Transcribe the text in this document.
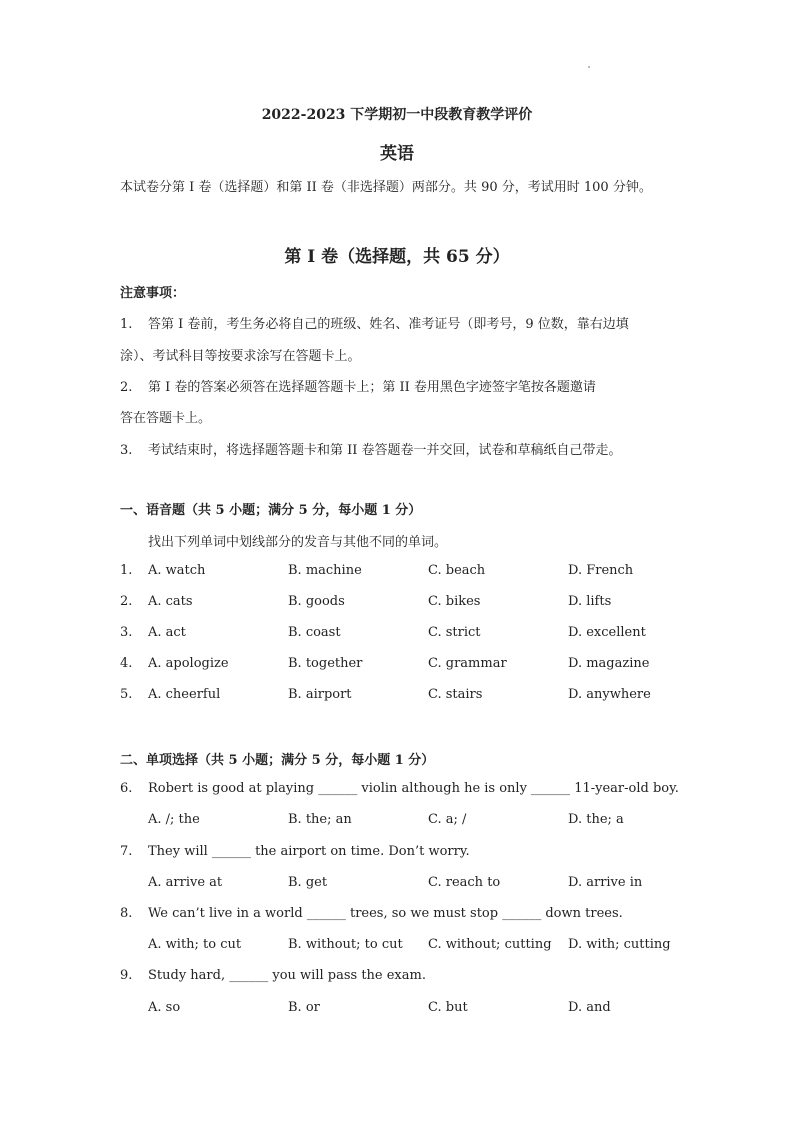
2022-2023 下学期初一中段教育教学评价
英语
本试卷分第 I 卷（选择题）和第 II 卷（非选择题）两部分。共 90 分，考试用时 100 分钟。
第 I 卷（选择题，共 65 分）
注意事项：
1. 答第 I 卷前，考生务必将自己的班级、姓名、准考证号（即考号，9 位数，靠右边填
涂）、考试科目等按要求涂写在答题卡上。
2. 第 I 卷的答案必须答在选择题答题卡上；第 II 卷用黑色字迹签字笔按各题邀请
答在答题卡上。
3. 考试结束时，将选择题答题卡和第 II 卷答题卷一并交回，试卷和草稿纸自己带走。
一、语音题（共 5 小题；满分 5 分，每小题 1 分）
找出下列单词中划线部分的发音与其他不同的单词。
1. A. watch	B. machine	C. beach	D. French
2. A. cats	B. goods	C. bikes	D. lifts
3. A. act	B. coast	C. strict	D. excellent
4. A. apologize	B. together	C. grammar	D. magazine
5. A. cheerful	B. airport	C. stairs	D. anywhere
二、单项选择（共 5 小题；满分 5 分，每小题 1 分）
6. Robert is good at playing ______ violin although he is only ______ 11-year-old boy.
A. /; the	B. the; an	C. a; /	D. the; a
7. They will ______ the airport on time. Don’t worry.
A. arrive at	B. get	C. reach to	D. arrive in
8. We can’t live in a world ______ trees, so we must stop ______ down trees.
A. with; to cut	B. without; to cut C. without; cutting D. with; cutting
9. Study hard, ______ you will pass the exam.
A. so	B. or	C. but	D. and
